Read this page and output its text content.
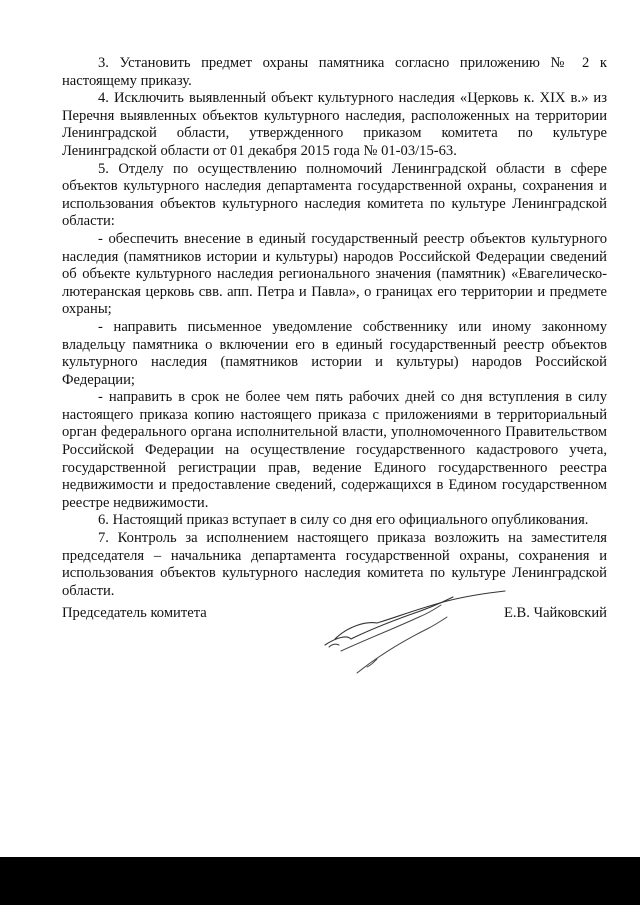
3. Установить предмет охраны памятника согласно приложению № 2 к настоящему приказу.

4. Исключить выявленный объект культурного наследия «Церковь к. XIX в.» из Перечня выявленных объектов культурного наследия, расположенных на территории Ленинградской области, утвержденного приказом комитета по культуре Ленинградской области от 01 декабря 2015 года № 01-03/15-63.

5. Отделу по осуществлению полномочий Ленинградской области в сфере объектов культурного наследия департамента государственной охраны, сохранения и использования объектов культурного наследия комитета по культуре Ленинградской области:

- обеспечить внесение в единый государственный реестр объектов культурного наследия (памятников истории и культуры) народов Российской Федерации сведений об объекте культурного наследия регионального значения (памятник) «Евагелическо-лютеранская церковь свв. апп. Петра и Павла», о границах его территории и предмете охраны;

- направить письменное уведомление собственнику или иному законному владельцу памятника о включении его в единый государственный реестр объектов культурного наследия (памятников истории и культуры) народов Российской Федерации;

- направить в срок не более чем пять рабочих дней со дня вступления в силу настоящего приказа копию настоящего приказа с приложениями в территориальный орган федерального органа исполнительной власти, уполномоченного Правительством Российской Федерации на осуществление государственного кадастрового учета, государственной регистрации прав, ведение Единого государственного реестра недвижимости и предоставление сведений, содержащихся в Едином государственном реестре недвижимости.

6. Настоящий приказ вступает в силу со дня его официального опубликования.

7. Контроль за исполнением настоящего приказа возложить на заместителя председателя – начальника департамента государственной охраны, сохранения и использования объектов культурного наследия комитета по культуре Ленинградской области.

Председатель комитета	Е.В. Чайковский
